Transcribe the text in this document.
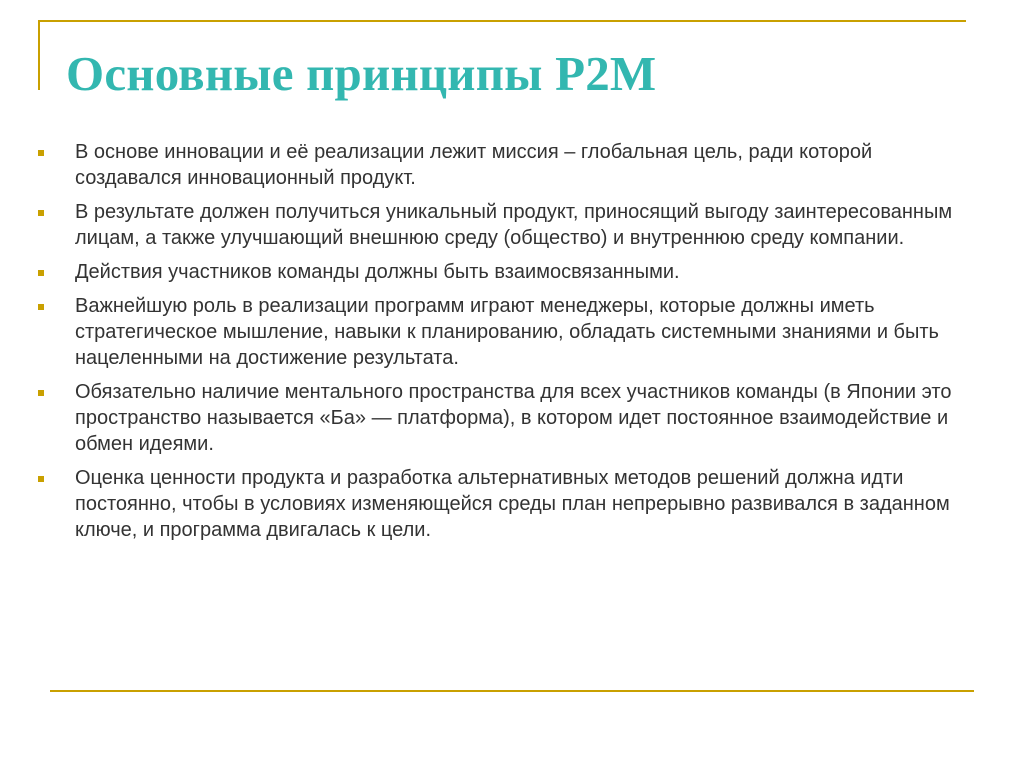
Основные принципы P2M
В основе инновации и её реализации лежит миссия – глобальная цель, ради которой создавался инновационный продукт.
В результате должен получиться уникальный продукт, приносящий выгоду заинтересованным лицам, а также улучшающий внешнюю среду (общество) и внутреннюю среду компании.
Действия участников команды должны быть взаимосвязанными.
Важнейшую роль в реализации программ играют менеджеры, которые должны иметь стратегическое мышление, навыки к планированию, обладать системными знаниями и быть нацеленными на достижение результата.
Обязательно наличие ментального пространства для всех участников команды (в Японии это пространство называется «Ба» — платформа), в котором идет постоянное взаимодействие и обмен идеями.
Оценка ценности продукта и разработка альтернативных методов решений должна идти постоянно, чтобы в условиях изменяющейся среды план непрерывно развивался в заданном ключе, и программа двигалась к цели.
